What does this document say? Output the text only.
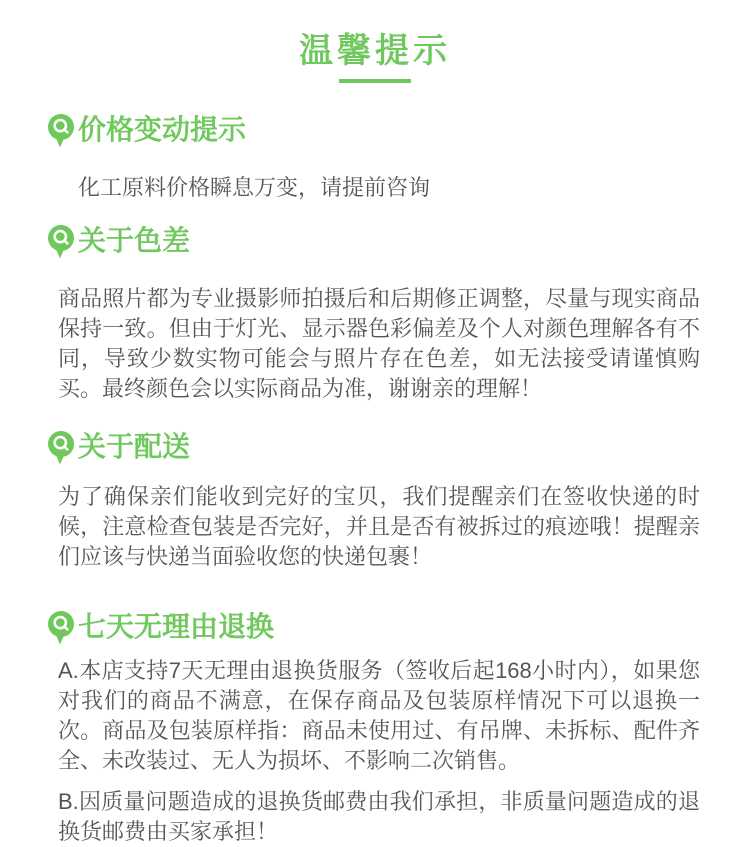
温馨提示
价格变动提示

化工原料价格瞬息万变，请提前咨询

关于色差

商品照片都为专业摄影师拍摄后和后期修正调整，尽量与现实商品保持一致。但由于灯光、显示器色彩偏差及个人对颜色理解各有不同，导致少数实物可能会与照片存在色差，如无法接受请谨慎购买。最终颜色会以实际商品为准，谢谢亲的理解！

关于配送

为了确保亲们能收到完好的宝贝，我们提醒亲们在签收快递的时候，注意检查包装是否完好，并且是否有被拆过的痕迹哦！提醒亲们应该与快递当面验收您的快递包裹！

七天无理由退换

A.本店支持7天无理由退换货服务（签收后起168小时内），如果您对我们的商品不满意，在保存商品及包装原样情况下可以退换一次。商品及包装原样指：商品未使用过、有吊牌、未拆标、配件齐全、未改装过、无人为损坏、不影响二次销售。

B.因质量问题造成的退换货邮费由我们承担，非质量问题造成的退换货邮费由买家承担！
